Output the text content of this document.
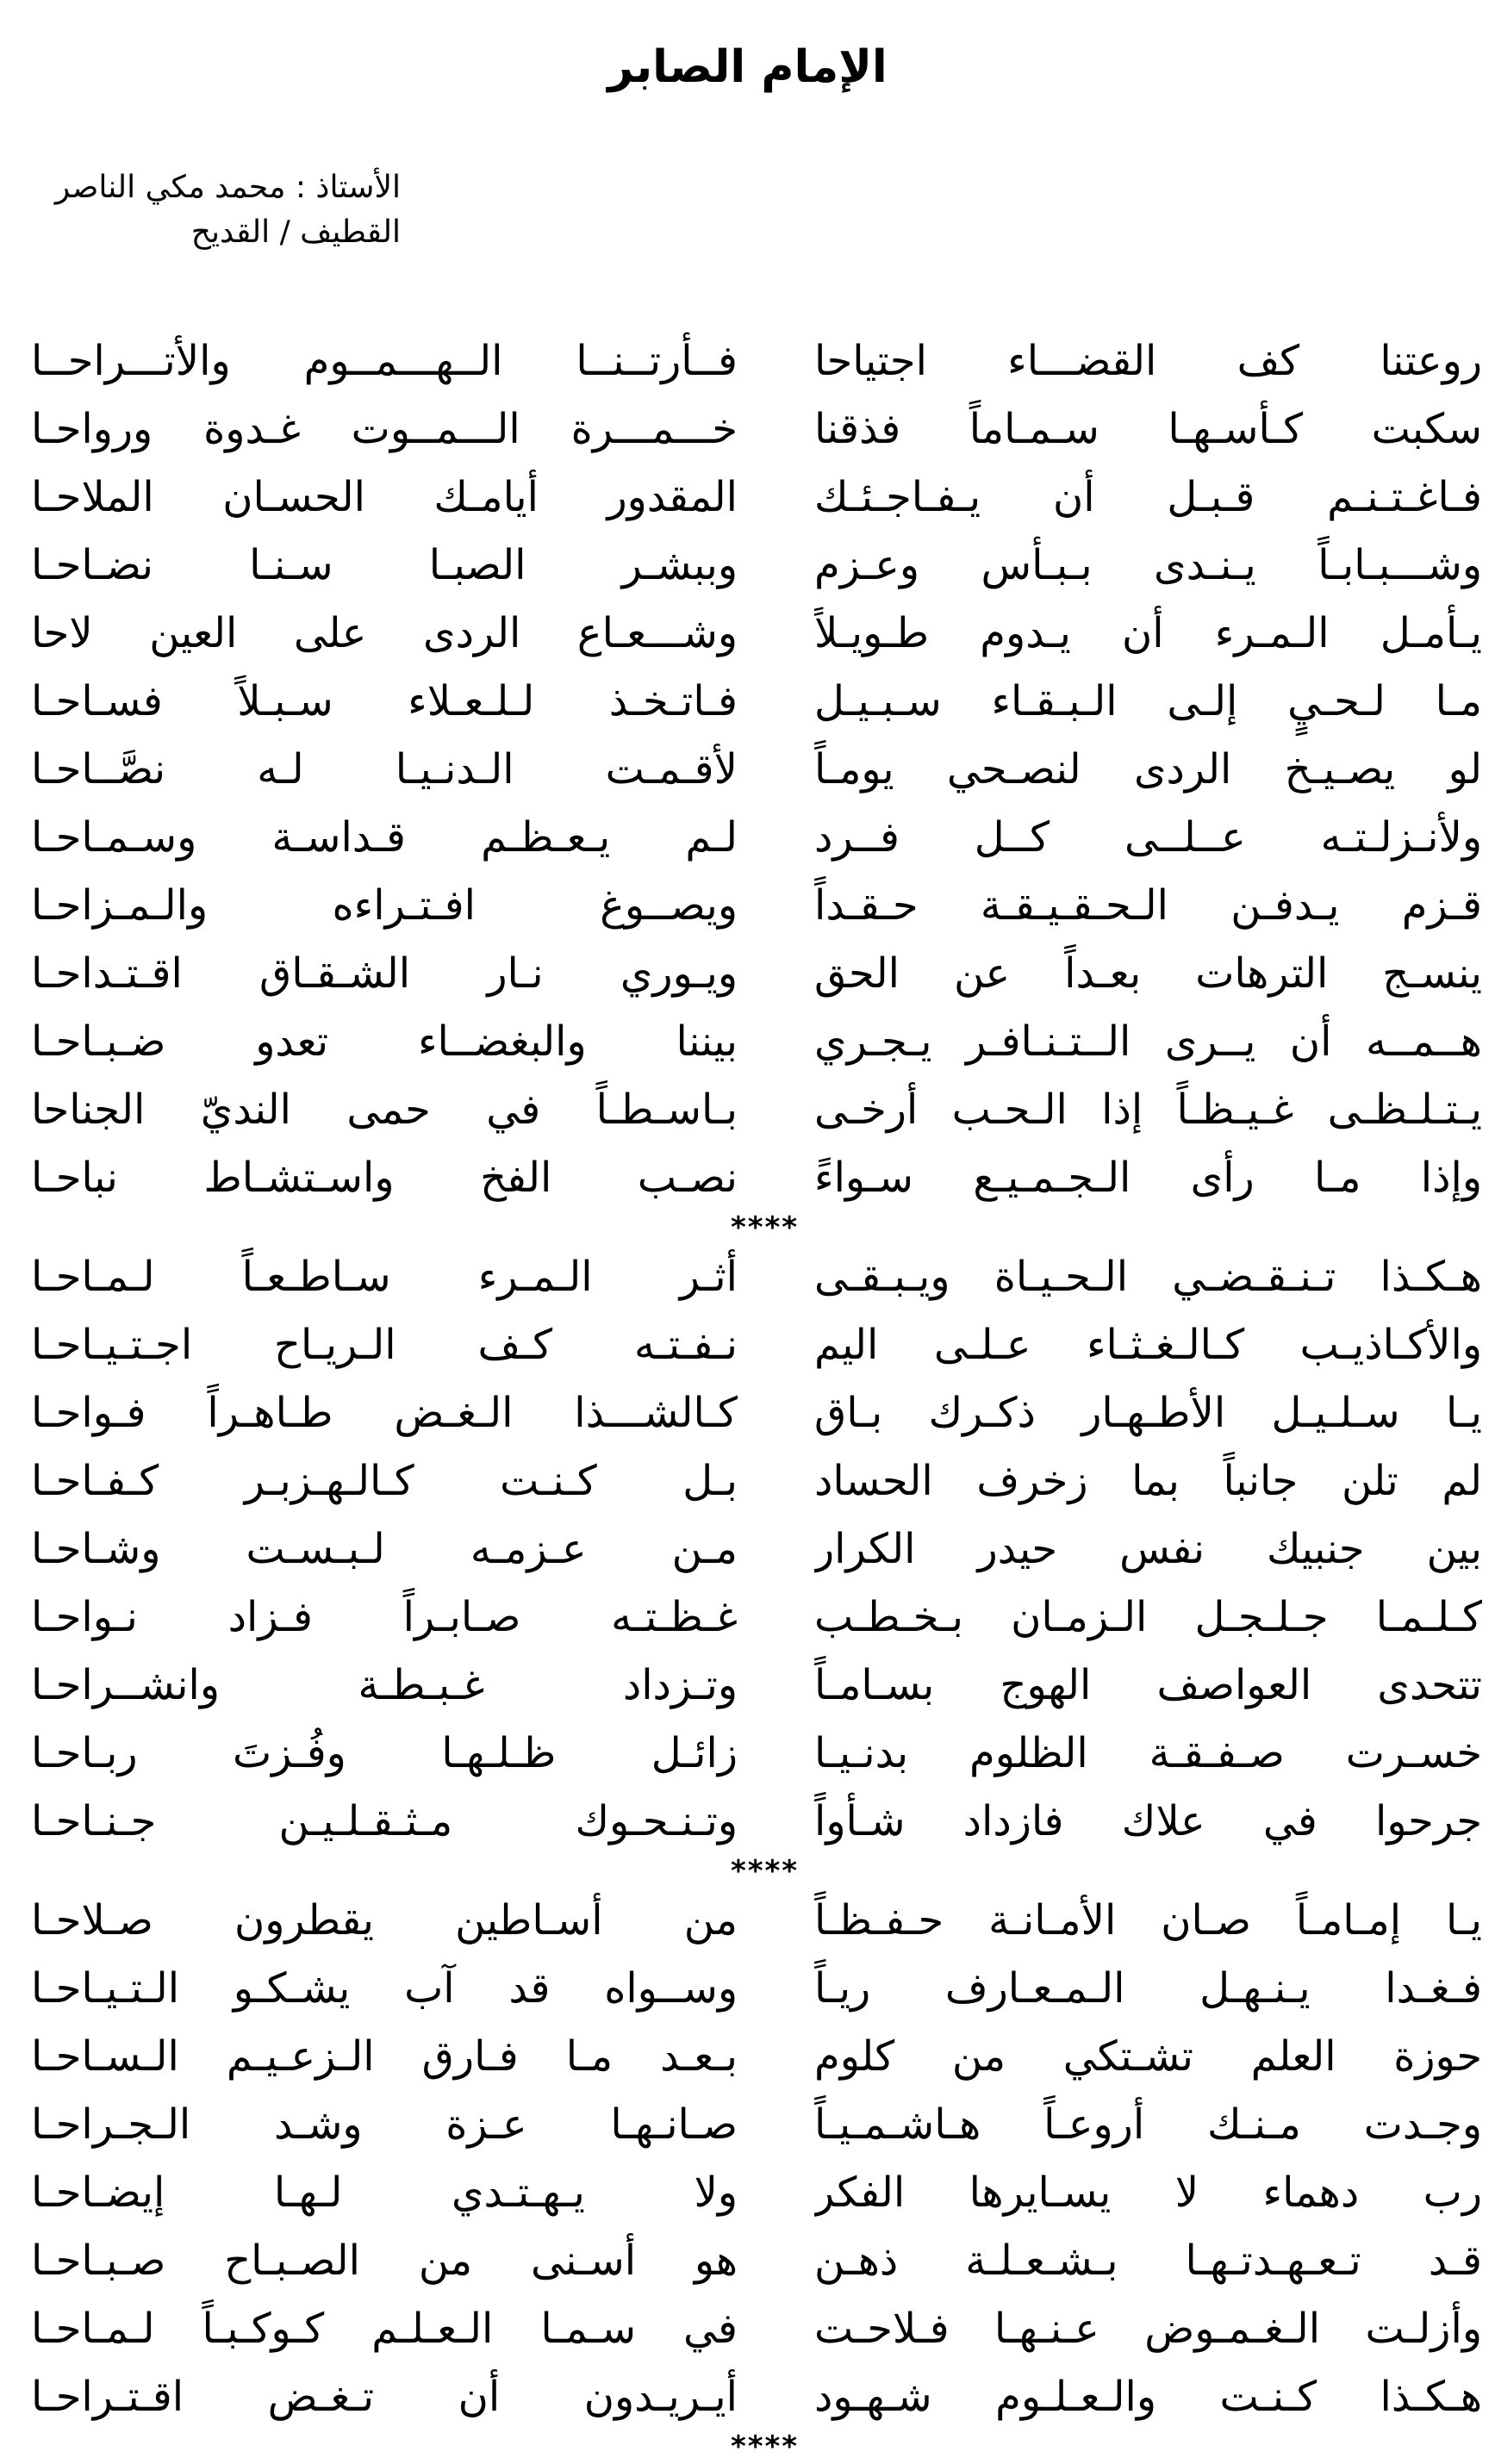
الإمام الصابر
الأستاذ : محمد مكي الناصر
القطيف / القديح
روعتنا كف القضـــاء اجتياحا
فــأرتــنــا الــهـــمــوم والأتـــراحــا
سكبت كـأسـهـا سـمـاماً فذقنا
خـــمـــرة الـــمــوت غـدوة ورواحـا
فـاغـتـنـم قـبـل أن يـفـاجـئـك
المقدور أيامـك الحسـان الملاحـا
وشـــبـابـاً يـنـدى بـبـأس وعـزم
وببشـر الصبـا سـنـا نضـاحـا
يـأمـل الـمـرء أن يـدوم طـويـلاً
وشـــعـاع الردى على العين لاحا
مـا لـحـيٍ إلـى الـبـقـاء سـبـيـل
فـاتـخـذ لـلـعـلاء سـبـلاً فسـاحـا
لو يصـيـخ الردى لنصـحي يومـاً
لأقـمـت الـدنـيـا لـه نصَّــاحـا
ولأنـزلـتـه عــلــى كــل فــرد
لـم يـعـظـم قـداسـة وسـمـاحـا
قـزم يـدفـن الـحـقـيـقـة حـقـداً
ويصــوغ افـتـراءه والـمـزاحـا
ينسـج الترهات بعـداً عن الحق
ويـوري نـار الشـقـاق اقـتـداحـا
هــمــه أن يــرى الــتـنـافـر يـجـري
بيننا والبغضــاء تعدو ضـبـاحـا
يـتـلـظـى غـيـظـاً إذا الـحـب أرخـى
بـاسـطـاً في حمى النديّ الجناحا
وإذا مـا رأى الـجـمـيـع سـواءً
نصـب الفخ واسـتشـاط نباحـا
****
هـكـذا تـنـقـضـي الـحـيـاة ويـبـقـى
أثـر الـمـرء سـاطـعـاً لـمـاحـا
والأكـاذيـب كـالـغـثـاء عـلـى اليم
نـفـتـه كـف الـريـاح اجـتـيـاحـا
يـا سـلـيـل الأطـهـار ذكـرك بـاق
كـالشـــذا الـغـض طـاهـراً فـواحـا
لم تلن جانباً بما زخرف الحساد
بـل كـنـت كـالـهـزبـر كـفـاحـا
بين جنبيك نفس حيدر الكرار
مـن عـزمـه لـبـسـت وشـاحـا
كـلـمـا جـلـجـل الـزمـان بـخـطـب
غـظـتـه صـابـراً فـزاد نـواحـا
تتحدى العواصف الهوج بسـامـاً
وتـزداد غـبـطـة وانشــراحـا
خسـرت صـفـقـة الظلوم بدنـيـا
زائـل ظـلـهـا وفُـزتَ ربـاحـا
جرحوا في علاك فازداد شـأواً
وتـنـحـوك مـثـقـلـيـن جـنـاحـا
****
يـا إمـامـاً صـان الأمـانـة حـفـظـاً
من أسـاطين يقطرون صـلاحـا
فـغـدا يـنـهـل الـمـعـارف ريـاً
وســواه قد آب يشـكـو الـتـيـاحـا
حوزة العلم تشـتكي من كلوم
بـعـد مـا فـارق الـزعـيـم الـسـاحـا
وجـدت مـنـك أروعـاً هـاشـمـيـاً
صـانـهـا عـزة وشـد الـجـراحـا
رب دهماء لا يسـايرها الفكر
ولا يـهـتـدي لـهـا إيضـاحـا
قـد تـعـهـدتـهـا بـشـعـلـة ذهـن
هو أسـنى من الصـبـاح صـبـاحـا
وأزلـت الـغـمـوض عـنـهـا فـلاحـت
في سـمـا الـعـلـم كـوكـبـاً لـمـاحـا
هـكـذا كـنـت والـعـلـوم شـهـود
أيـريـدون أن تـغـض اقـتـراحـا
****
